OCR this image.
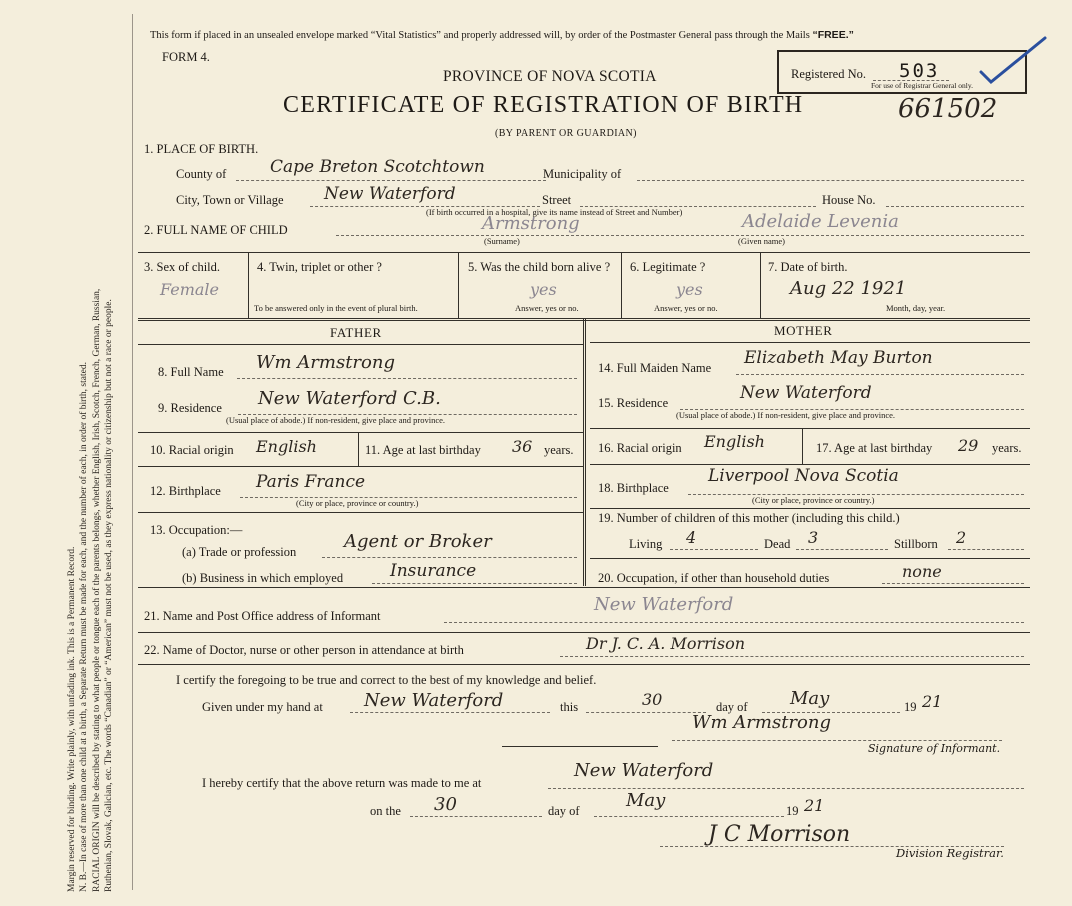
Margin reserved for binding. Write plainly, with unfading ink. This is a Permanent Record. N. B.—In case of more than one child at a birth, a Separate Return must be made for each, and the number of each, in order of birth, stated. RACIAL ORIGIN will be described by stating to what people or tongue each of the parents belongs, whether English, Irish, Scotch, French, German, Russian, Ruthenian, Slovak, Galician, etc. The words “Canadian” or “American” must not be used, as they express nationality or citizenship but not a race or people.
This form if placed in an unsealed envelope marked “Vital Statistics” and properly addressed will, by order of the Postmaster General pass through the Mails “FREE.”
FORM 4.
PROVINCE OF NOVA SCOTIA
CERTIFICATE OF REGISTRATION OF BIRTH	661502
(BY PARENT OR GUARDIAN)
Registered No. 503
For use of Registrar General only.
1. PLACE OF BIRTH.
County of	Cape Breton Scotchtown	Municipality of
City, Town or Village New Waterford	Street	House No.
(If birth occurred in a hospital, give its name instead of Street and Number)
2. FULL NAME OF CHILD	Armstrong
(Surname)
Adelaide Levenia
(Given name)
3. Sex of child.
Female
4. Twin, triplet or other ?
To be answered only in the event of plural birth.
5. Was the child born alive ?
yes
Answer, yes or no.
6. Legitimate ?
yes
Answer, yes or no.
7. Date of birth.
Aug 22 1921
Month, day, year.
FATHER
8. Full Name Wm Armstrong
9. Residence New Waterford C.B.
(Usual place of abode.) If non-resident, give place and province.
10. Racial origin English	11. Age at last birthday 36 years.
12. Birthplace Paris France
(City or place, province or country.)
13. Occupation:—
(a) Trade or profession	Agent or Broker
(b) Business in which employed	Insurance
MOTHER
14. Full Maiden Name Elizabeth May Burton
15. Residence	New Waterford
(Usual place of abode.) If non-resident, give place and province.
16. Racial origin English	17. Age at last birthday 29 years.
18. Birthplace
Liverpool Nova Scotia
(City or place, province or country.)
19. Number of children of this mother (including this child.)
Living 4	Dead 3	Stillborn 2
20. Occupation, if other than household duties	none
21. Name and Post Office address of Informant
New Waterford
22. Name of Doctor, nurse or other person in attendance at birth	Dr J. C. A. Morrison
I certify the foregoing to be true and correct to the best of my knowledge and belief.
Given under my hand at New Waterford	this	30	day of May	19 21
Wm Armstrong
Signature of Informant.
I hereby certify that the above return was made to me at
New Waterford
on the 30	day of	May	19 21
J C Morrison
Division Registrar.
